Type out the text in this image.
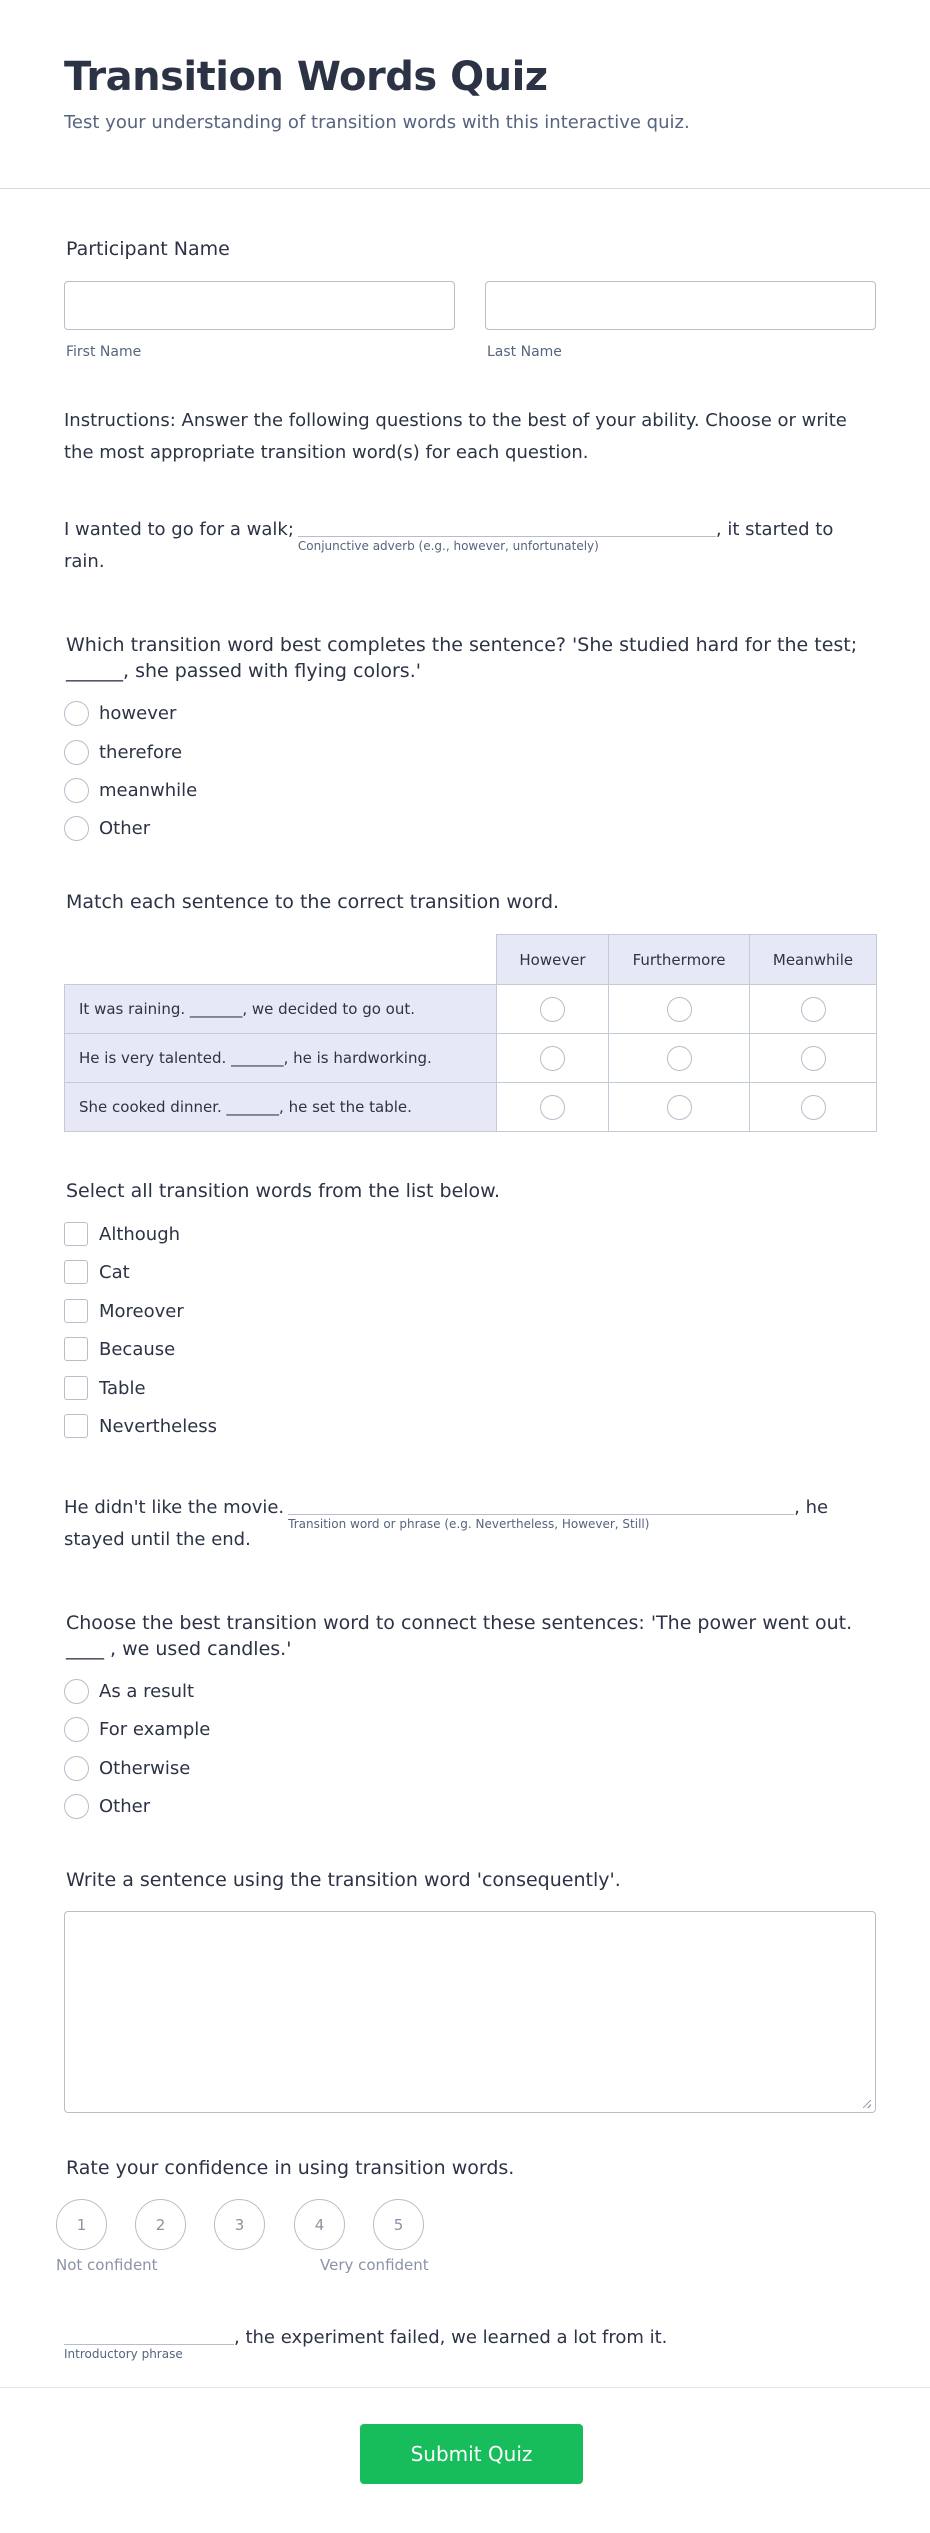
Transition Words Quiz
Test your understanding of transition words with this interactive quiz.
Participant Name
First Name	Last Name
Instructions: Answer the following questions to the best of your ability. Choose or write the most appropriate transition word(s) for each question.
I wanted to go for a walk;
Conjunctive adverb (e.g., however, unfortunately)
, it started to
rain.
Which transition word best completes the sentence? 'She studied hard for the test; ______, she passed with flying colors.'
however
therefore
meanwhile
Other
Match each sentence to the correct transition word.
	However	Furthermore	Meanwhile
It was raining. _______, we decided to go out.			
He is very talented. _______, he is hardworking.			
She cooked dinner. _______, he set the table.			
Select all transition words from the list below.
Although
Cat
Moreover
Because
Table
Nevertheless
He didn't like the movie.
Transition word or phrase (e.g. Nevertheless, However, Still)
, he
stayed until the end.
Choose the best transition word to connect these sentences: 'The power went out. ____ , we used candles.'
As a result
For example
Otherwise
Other
Write a sentence using the transition word 'consequently'.
Rate your confidence in using transition words.
1	2	3	4	5
Not confident	Very confident
Introductory phrase
, the experiment failed, we learned a lot from it.
Submit Quiz
